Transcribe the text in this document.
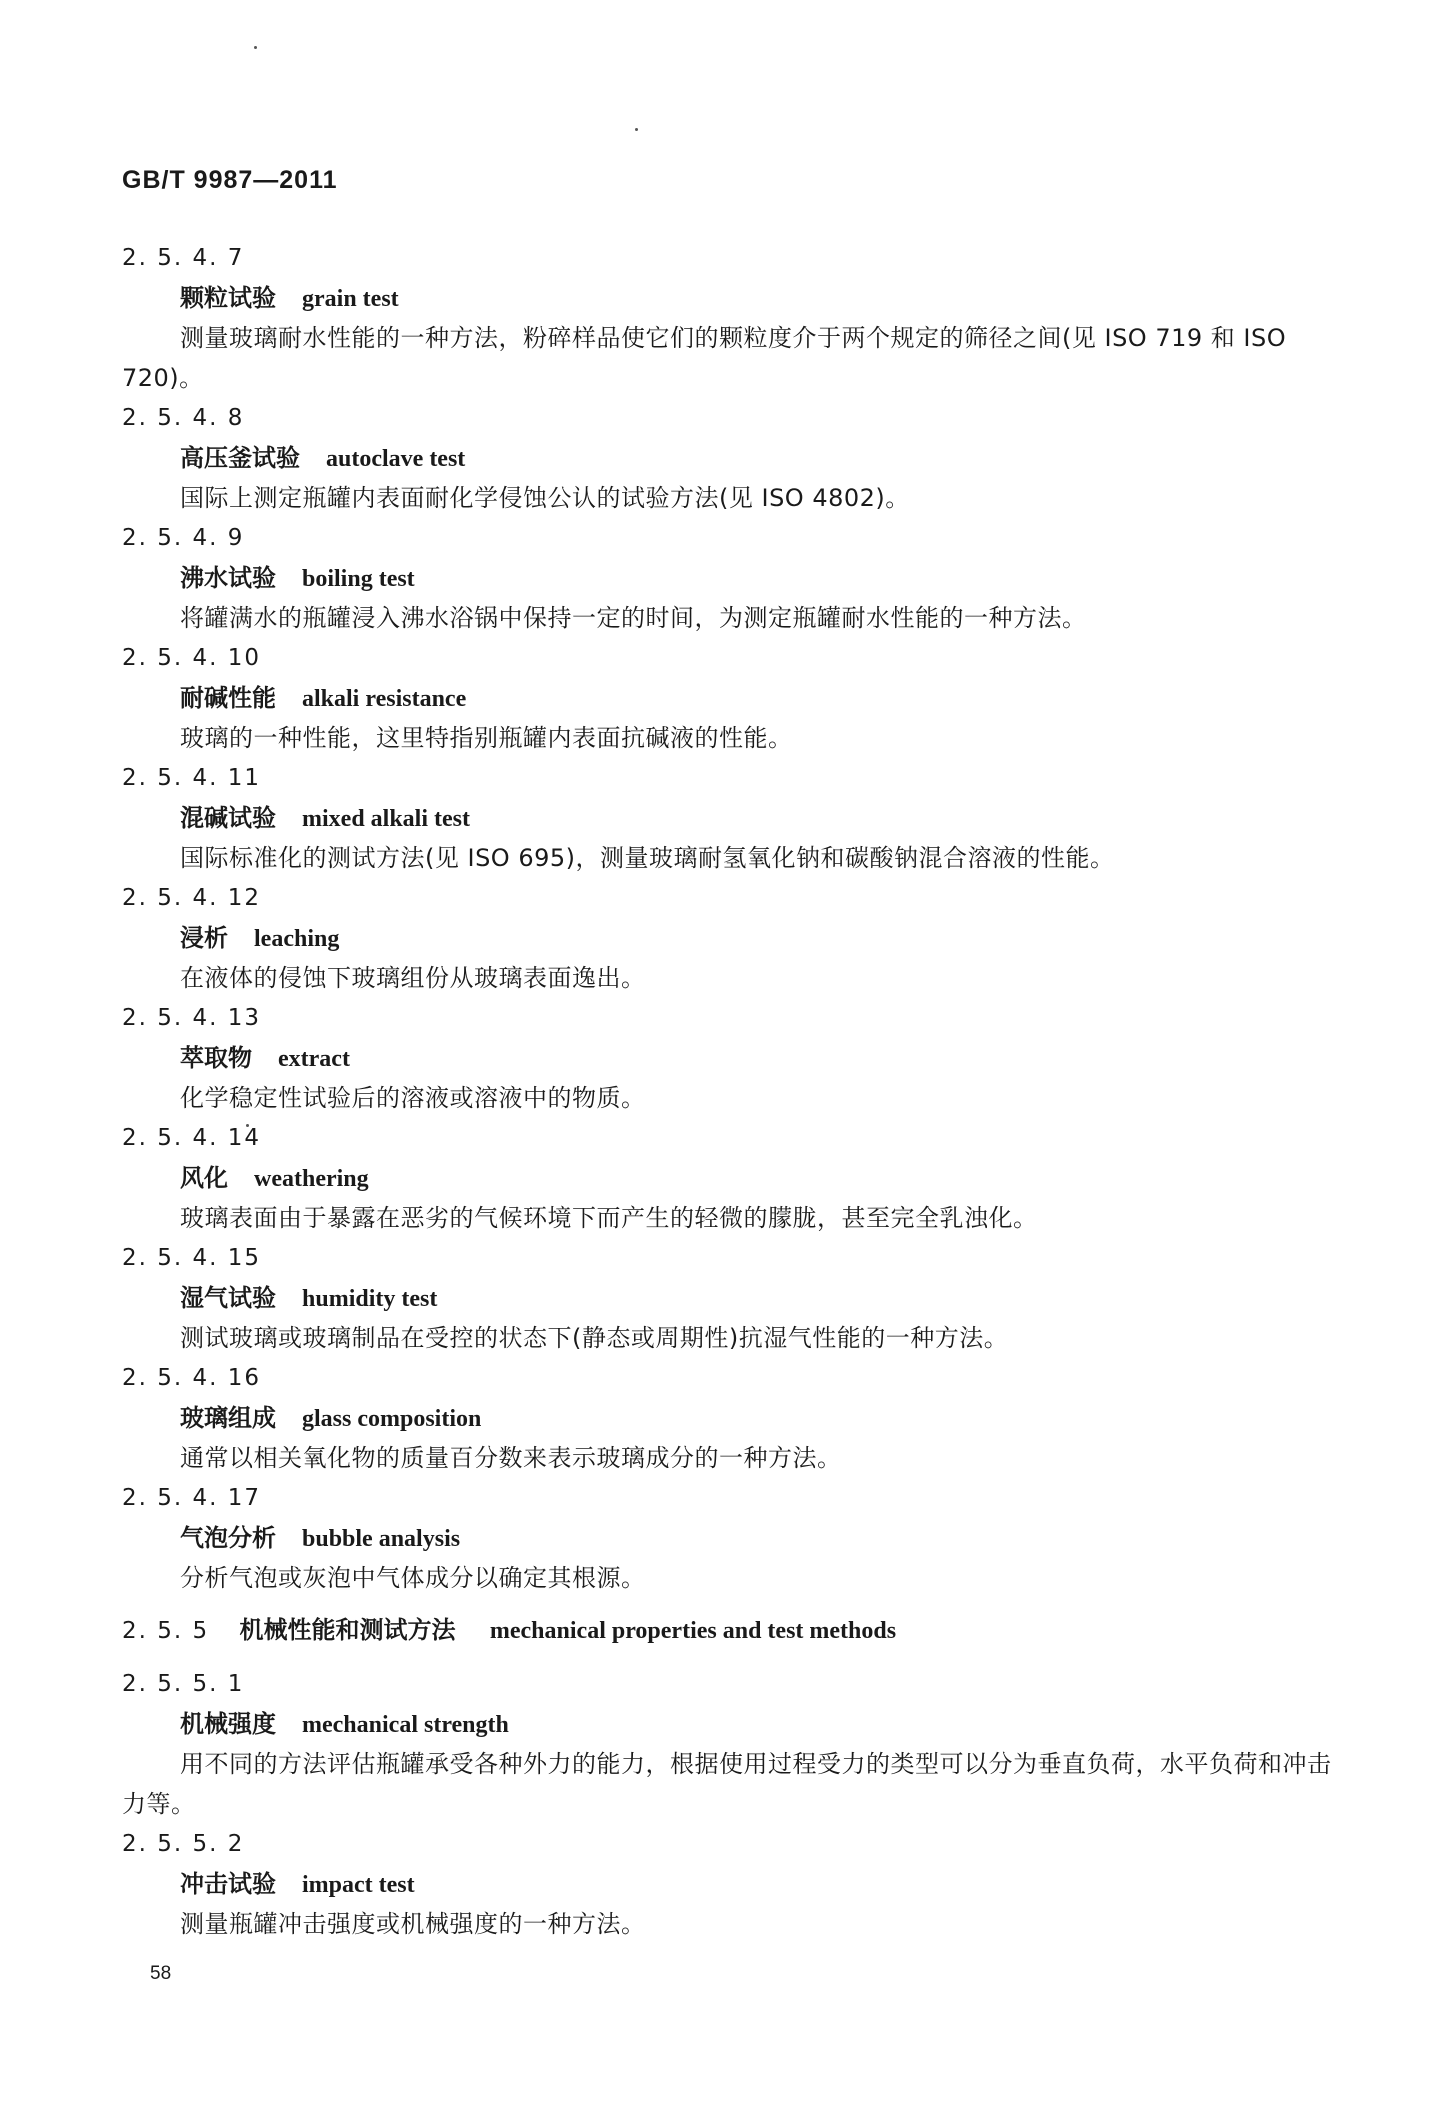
GB/T 9987—2011
2. 5. 4. 7
颗粒试验 grain test
测量玻璃耐水性能的一种方法，粉碎样品使它们的颗粒度介于两个规定的筛径之间(见 ISO 719 和 ISO 720)。
2. 5. 4. 8
高压釜试验 autoclave test
国际上测定瓶罐内表面耐化学侵蚀公认的试验方法(见 ISO 4802)。
2. 5. 4. 9
沸水试验 boiling test
将罐满水的瓶罐浸入沸水浴锅中保持一定的时间，为测定瓶罐耐水性能的一种方法。
2. 5. 4. 10
耐碱性能 alkali resistance
玻璃的一种性能，这里特指别瓶罐内表面抗碱液的性能。
2. 5. 4. 11
混碱试验 mixed alkali test
国际标准化的测试方法(见 ISO 695)，测量玻璃耐氢氧化钠和碳酸钠混合溶液的性能。
2. 5. 4. 12
浸析 leaching
在液体的侵蚀下玻璃组份从玻璃表面逸出。
2. 5. 4. 13
萃取物 extract
化学稳定性试验后的溶液或溶液中的物质。
2. 5. 4. 14
风化 weathering
玻璃表面由于暴露在恶劣的气候环境下而产生的轻微的朦胧，甚至完全乳浊化。
2. 5. 4. 15
湿气试验 humidity test
测试玻璃或玻璃制品在受控的状态下(静态或周期性)抗湿气性能的一种方法。
2. 5. 4. 16
玻璃组成 glass composition
通常以相关氧化物的质量百分数来表示玻璃成分的一种方法。
2. 5. 4. 17
气泡分析 bubble analysis
分析气泡或灰泡中气体成分以确定其根源。
2. 5. 5 机械性能和测试方法 mechanical properties and test methods
2. 5. 5. 1
机械强度 mechanical strength
用不同的方法评估瓶罐承受各种外力的能力，根据使用过程受力的类型可以分为垂直负荷，水平负荷和冲击力等。
2. 5. 5. 2
冲击试验 impact test
测量瓶罐冲击强度或机械强度的一种方法。
58
